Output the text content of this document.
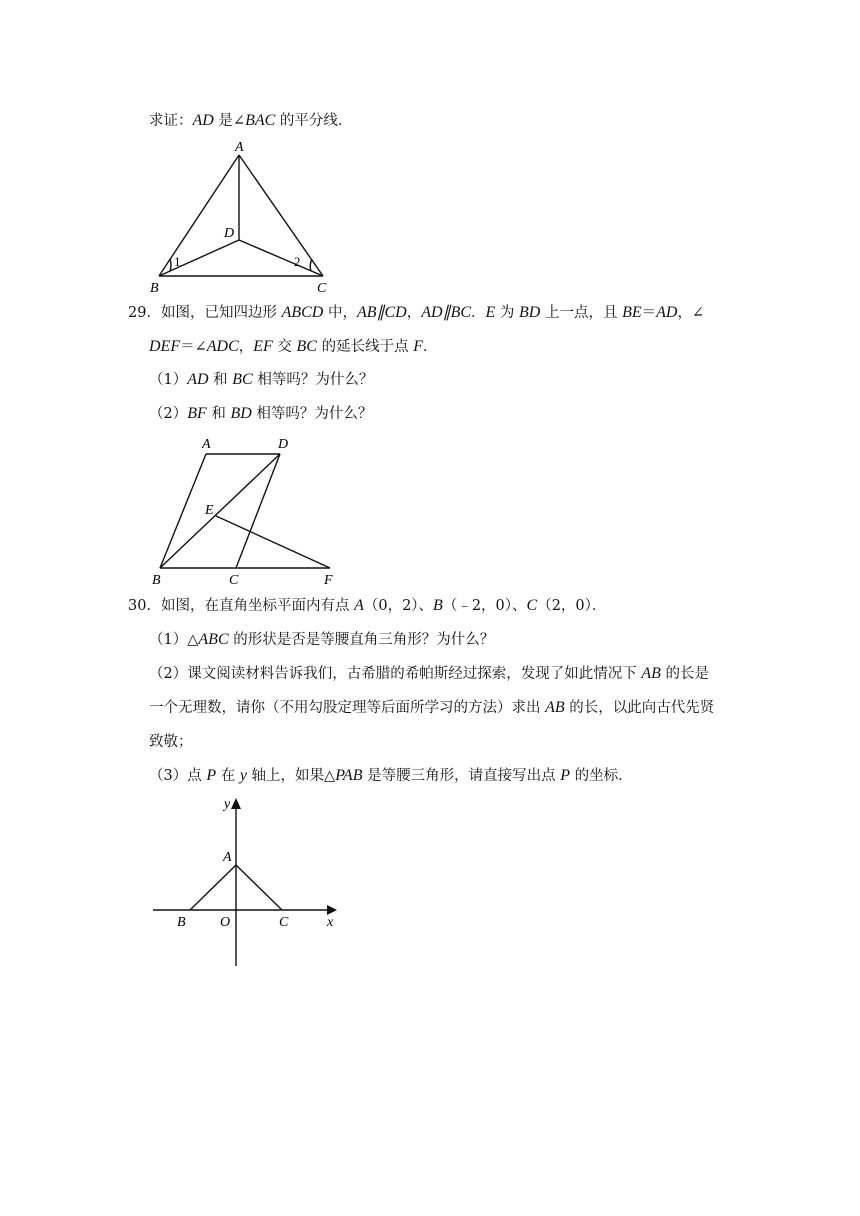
求证：AD 是∠BAC 的平分线．
A
D
B	C
1	2
29．如图，已知四边形 ABCD 中，AB∥CD，AD∥BC．E 为 BD 上一点，且 BE＝AD，∠
DEF＝∠ADC，EF 交 BC 的延长线于点 F．
（1）AD 和 BC 相等吗？为什么？
（2）BF 和 BD 相等吗？为什么？
A	D
E
B	C	F
30．如图，在直角坐标平面内有点 A（0，2）、B（﹣2，0）、C（2，0）．
（1）△ABC 的形状是否是等腰直角三角形？为什么？
（2）课文阅读材料告诉我们，古希腊的希帕斯经过探索，发现了如此情况下 AB 的长是
一个无理数，请你（不用勾股定理等后面所学习的方法）求出 AB 的长，以此向古代先贤
致敬；
（3）点 P 在 y 轴上，如果△PAB 是等腰三角形，请直接写出点 P 的坐标．
y
A
B O	C	x
